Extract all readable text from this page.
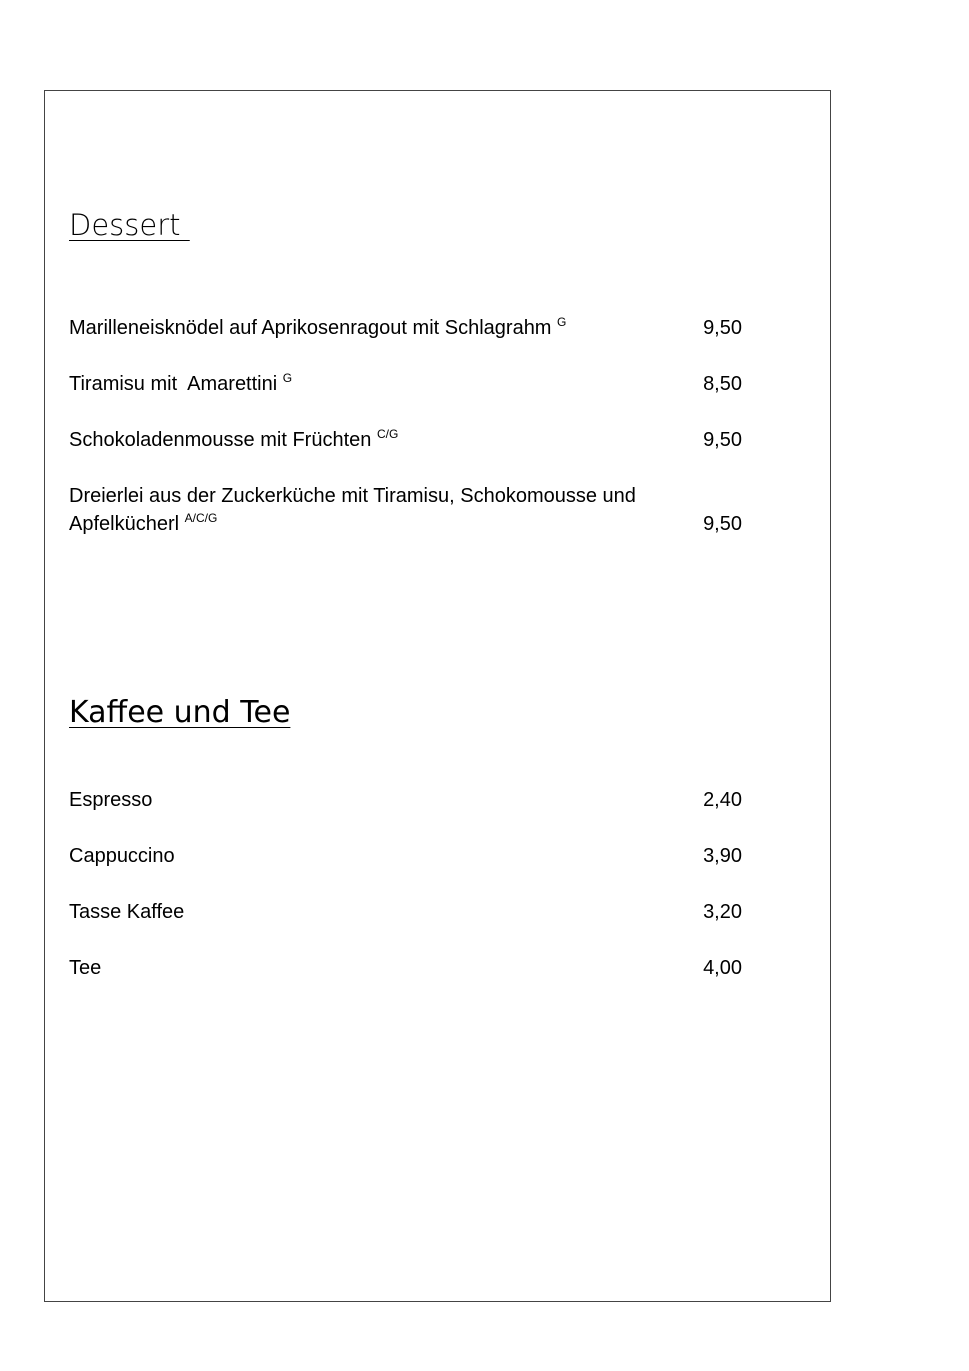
Dessert
Marilleneisknödel auf Aprikosenragout mit Schlagrahm $^G$	9,50
Tiramisu mit  Amarettini $^G$	8,50
Schokoladenmousse mit Früchten $^{C/G}$	9,50
Dreierlei aus der Zuckerküche mit Tiramisu, Schokomousse und Apfelkücherl $^{A/C/G}$	9,50
Kaffee und Tee
Espresso	2,40
Cappuccino	3,90
Tasse Kaffee	3,20
Tee	4,00
